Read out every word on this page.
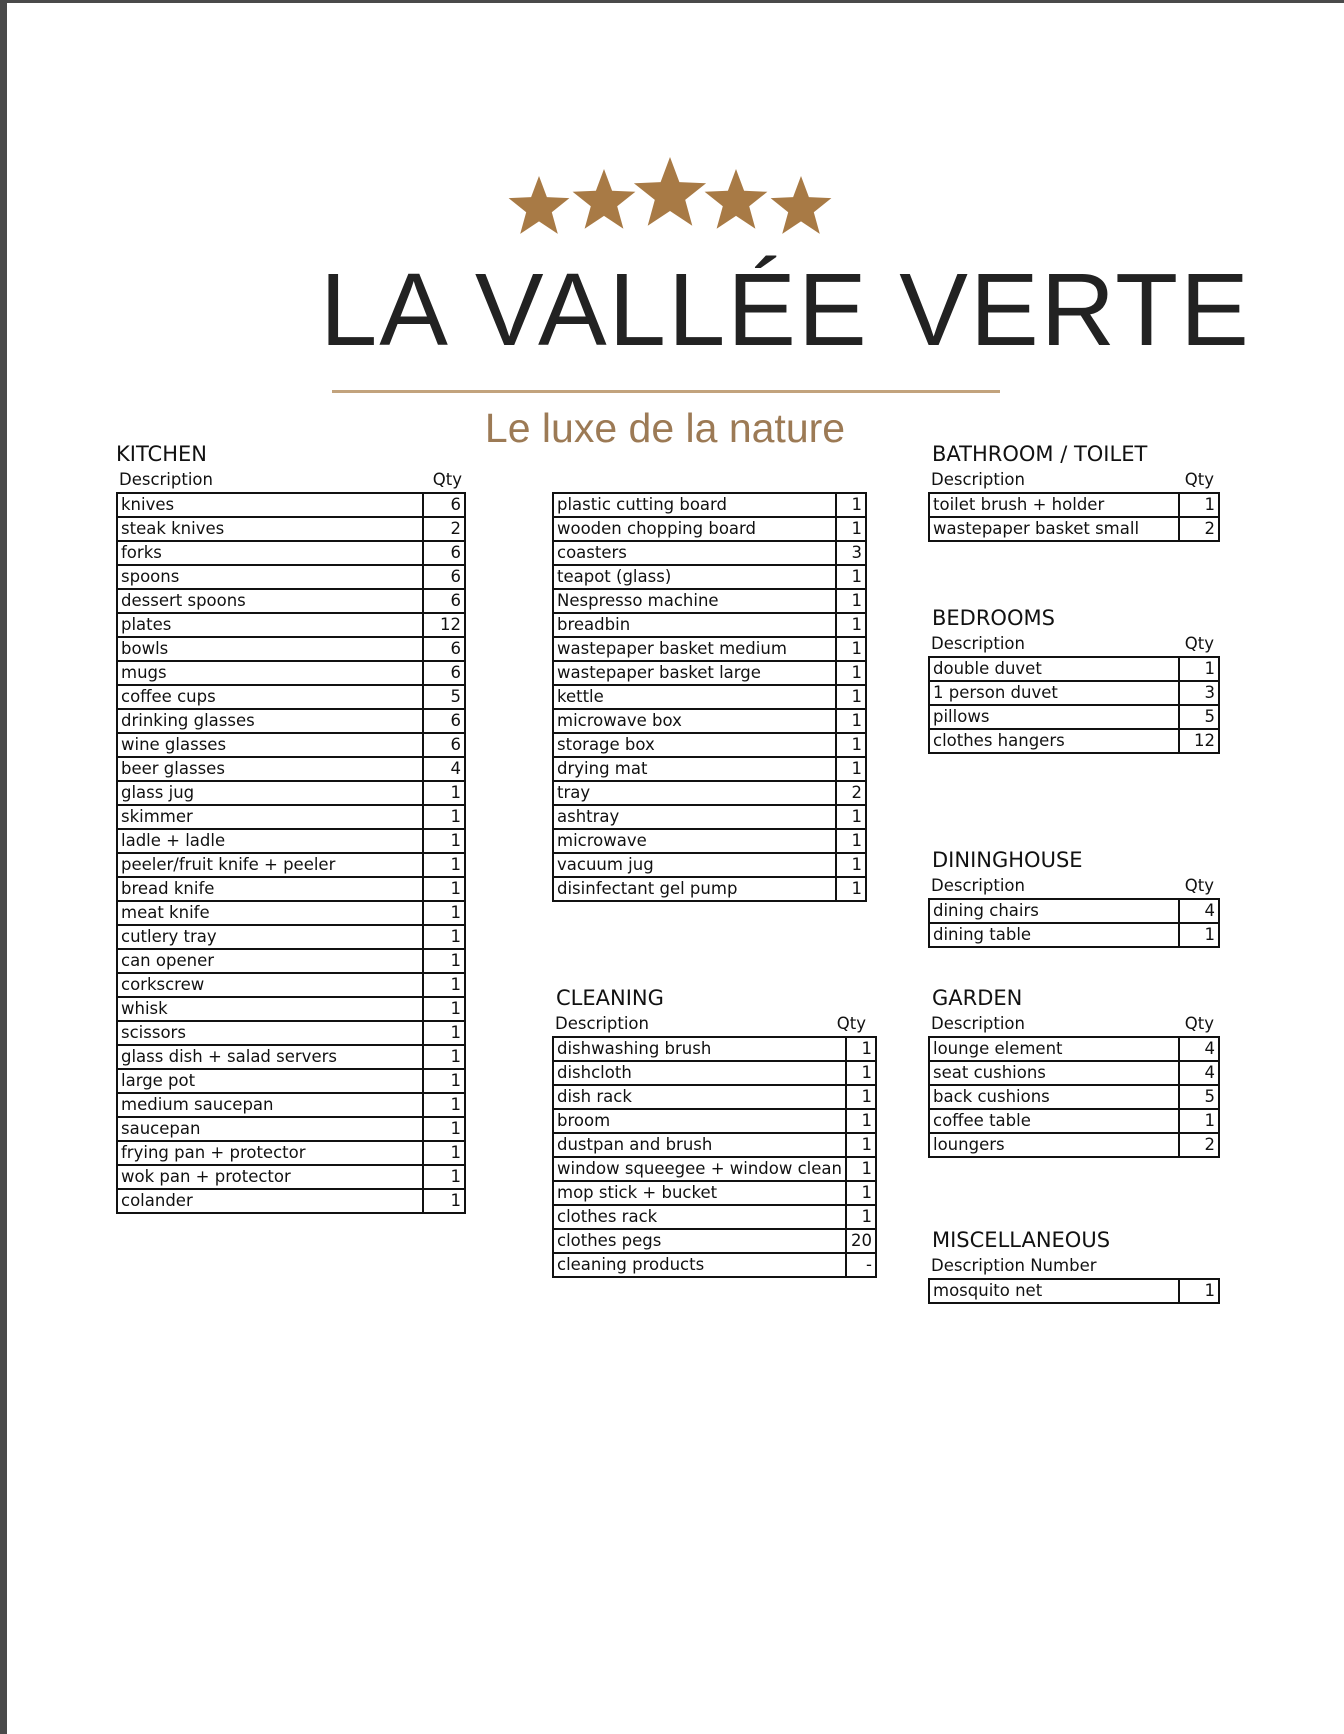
LA VALLÉE VERTE
Le luxe de la nature
KITCHEN
Description	Qty
knives	6
steak knives	2
forks	6
spoons	6
dessert spoons	6
plates	12
bowls	6
mugs	6
coffee cups	5
drinking glasses	6
wine glasses	6
beer glasses	4
glass jug	1
skimmer	1
ladle + ladle	1
peeler/fruit knife + peeler	1
bread knife	1
meat knife	1
cutlery tray	1
can opener	1
corkscrew	1
whisk	1
scissors	1
glass dish + salad servers	1
large pot	1
medium saucepan	1
saucepan	1
frying pan + protector	1
wok pan + protector	1
colander	1
plastic cutting board	1
wooden chopping board	1
coasters	3
teapot (glass)	1
Nespresso machine	1
breadbin	1
wastepaper basket medium	1
wastepaper basket large	1
kettle	1
microwave box	1
storage box	1
drying mat	1
tray	2
ashtray	1
microwave	1
vacuum jug	1
disinfectant gel pump	1
CLEANING
Description	Qty
dishwashing brush	1
dishcloth	1
dish rack	1
broom	1
dustpan and brush	1
window squeegee + window clean	1
mop stick + bucket	1
clothes rack	1
clothes pegs	20
cleaning products	-
BATHROOM / TOILET
Description	Qty
toilet brush + holder	1
wastepaper basket small	2
BEDROOMS
Description	Qty
double duvet	1
1 person duvet	3
pillows	5
clothes hangers	12
DININGHOUSE
Description	Qty
dining chairs	4
dining table	1
GARDEN
Description	Qty
lounge element	4
seat cushions	4
back cushions	5
coffee table	1
loungers	2
MISCELLANEOUS
Description Number
mosquito net	1
